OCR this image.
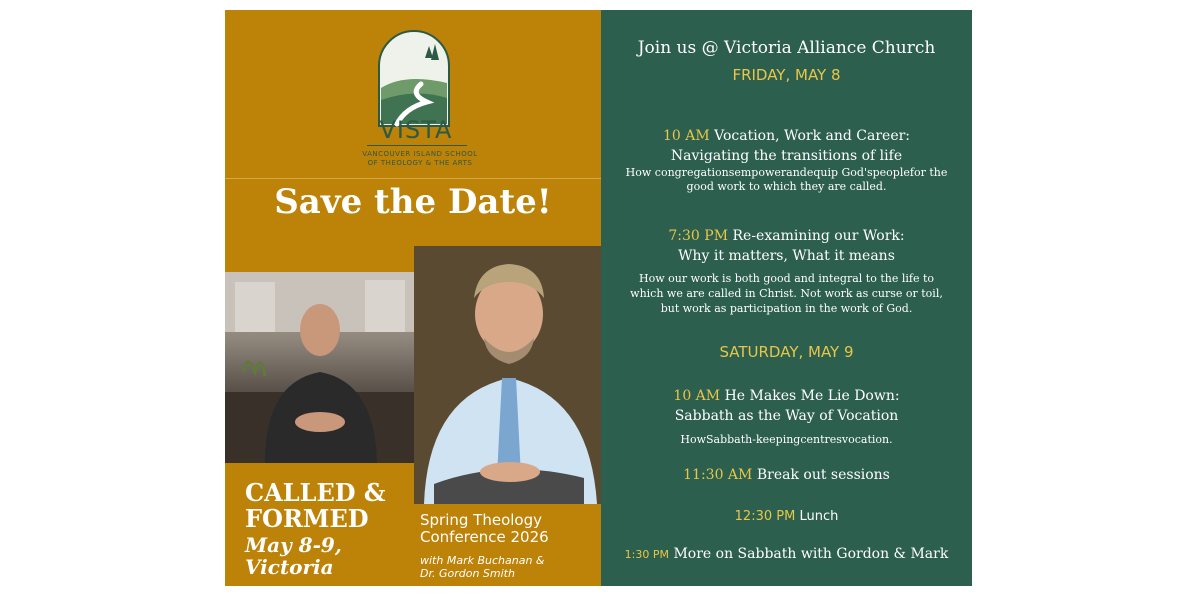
VISTA
VANCOUVER ISLAND SCHOOL
OF THEOLOGY & THE ARTS
Save the Date!
CALLED &
FORMED
May 8-9,
Victoria
Spring Theology
Conference 2026
with Mark Buchanan &
Dr. Gordon Smith
Join us @ Victoria Alliance Church
FRIDAY, MAY 8
10 AM Vocation, Work and Career:
Navigating the transitions of life
How congregationsempowerandequip God'speoplefor the
good work to which they are called.
7:30 PM Re-examining our Work:
Why it matters, What it means
How our work is both good and integral to the life to
which we are called in Christ. Not work as curse or toil,
but work as participation in the work of God.
SATURDAY, MAY 9
10 AM He Makes Me Lie Down:
Sabbath as the Way of Vocation
HowSabbath-keepingcentresvocation.
11:30 AM Break out sessions
12:30 PM Lunch
1:30 PM More on Sabbath with Gordon & Mark
